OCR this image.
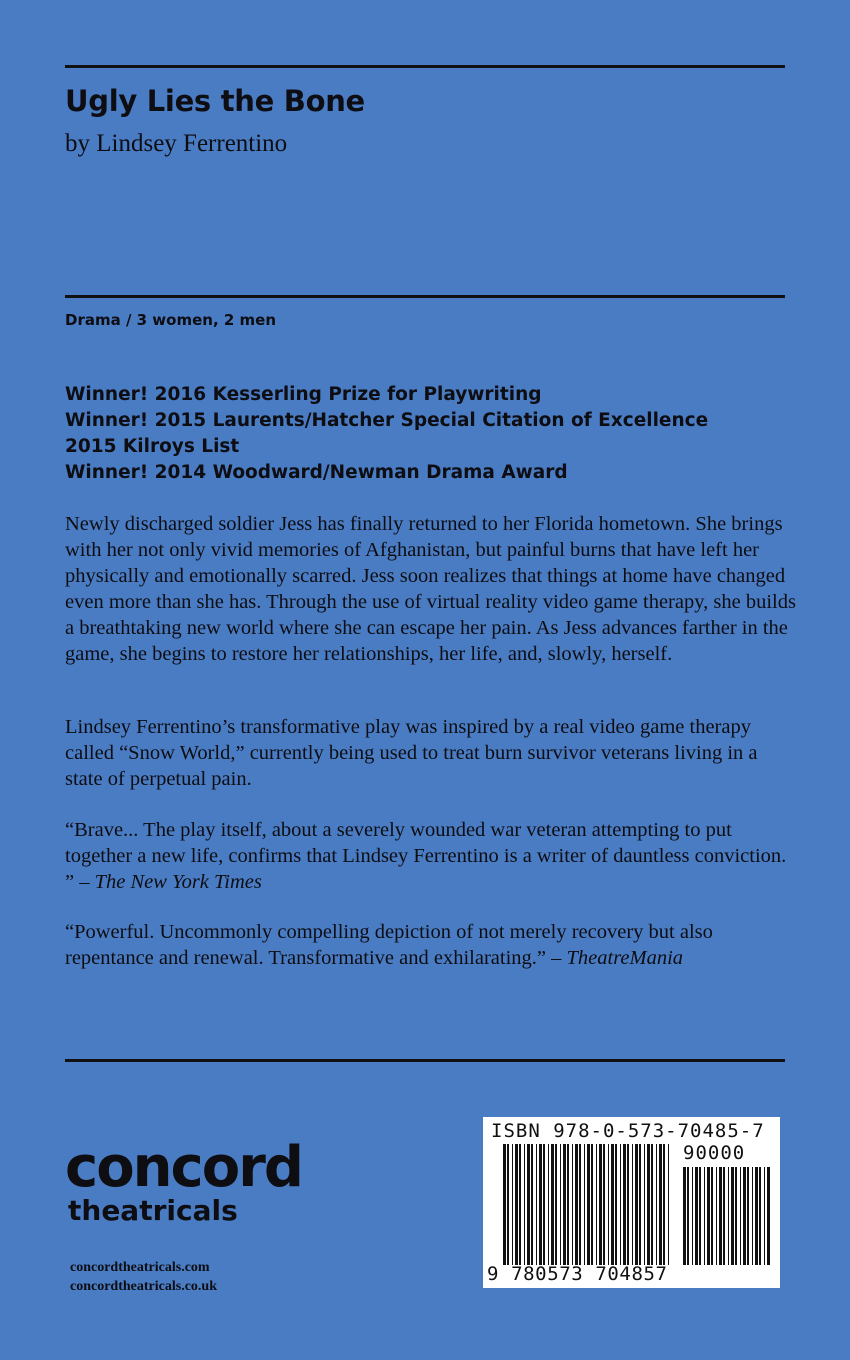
Ugly Lies the Bone
by Lindsey Ferrentino
Drama / 3 women, 2 men
Winner! 2016 Kesserling Prize for Playwriting
Winner! 2015 Laurents/Hatcher Special Citation of Excellence
2015 Kilroys List
Winner! 2014 Woodward/Newman Drama Award

Newly discharged soldier Jess has finally returned to her Florida hometown. She brings with her not only vivid memories of Afghanistan, but painful burns that have left her physically and emotionally scarred. Jess soon realizes that things at home have changed even more than she has. Through the use of virtual reality video game therapy, she builds a breathtaking new world where she can escape her pain. As Jess advances farther in the game, she begins to restore her relationships, her life, and, slowly, herself.

Lindsey Ferrentino’s transformative play was inspired by a real video game therapy called “Snow World,” currently being used to treat burn survivor veterans living in a state of perpetual pain.

“Brave... The play itself, about a severely wounded war veteran attempting to put together a new life, confirms that Lindsey Ferrentino is a writer of dauntless conviction. ” – The New York Times

“Powerful. Uncommonly compelling depiction of not merely recovery but also repentance and renewal. Transformative and exhilarating.” – TheatreMania

concord
theatricals
concordtheatricals.com
concordtheatricals.co.uk
ISBN 978-0-573-70485-7
90000
9 780573 704857
